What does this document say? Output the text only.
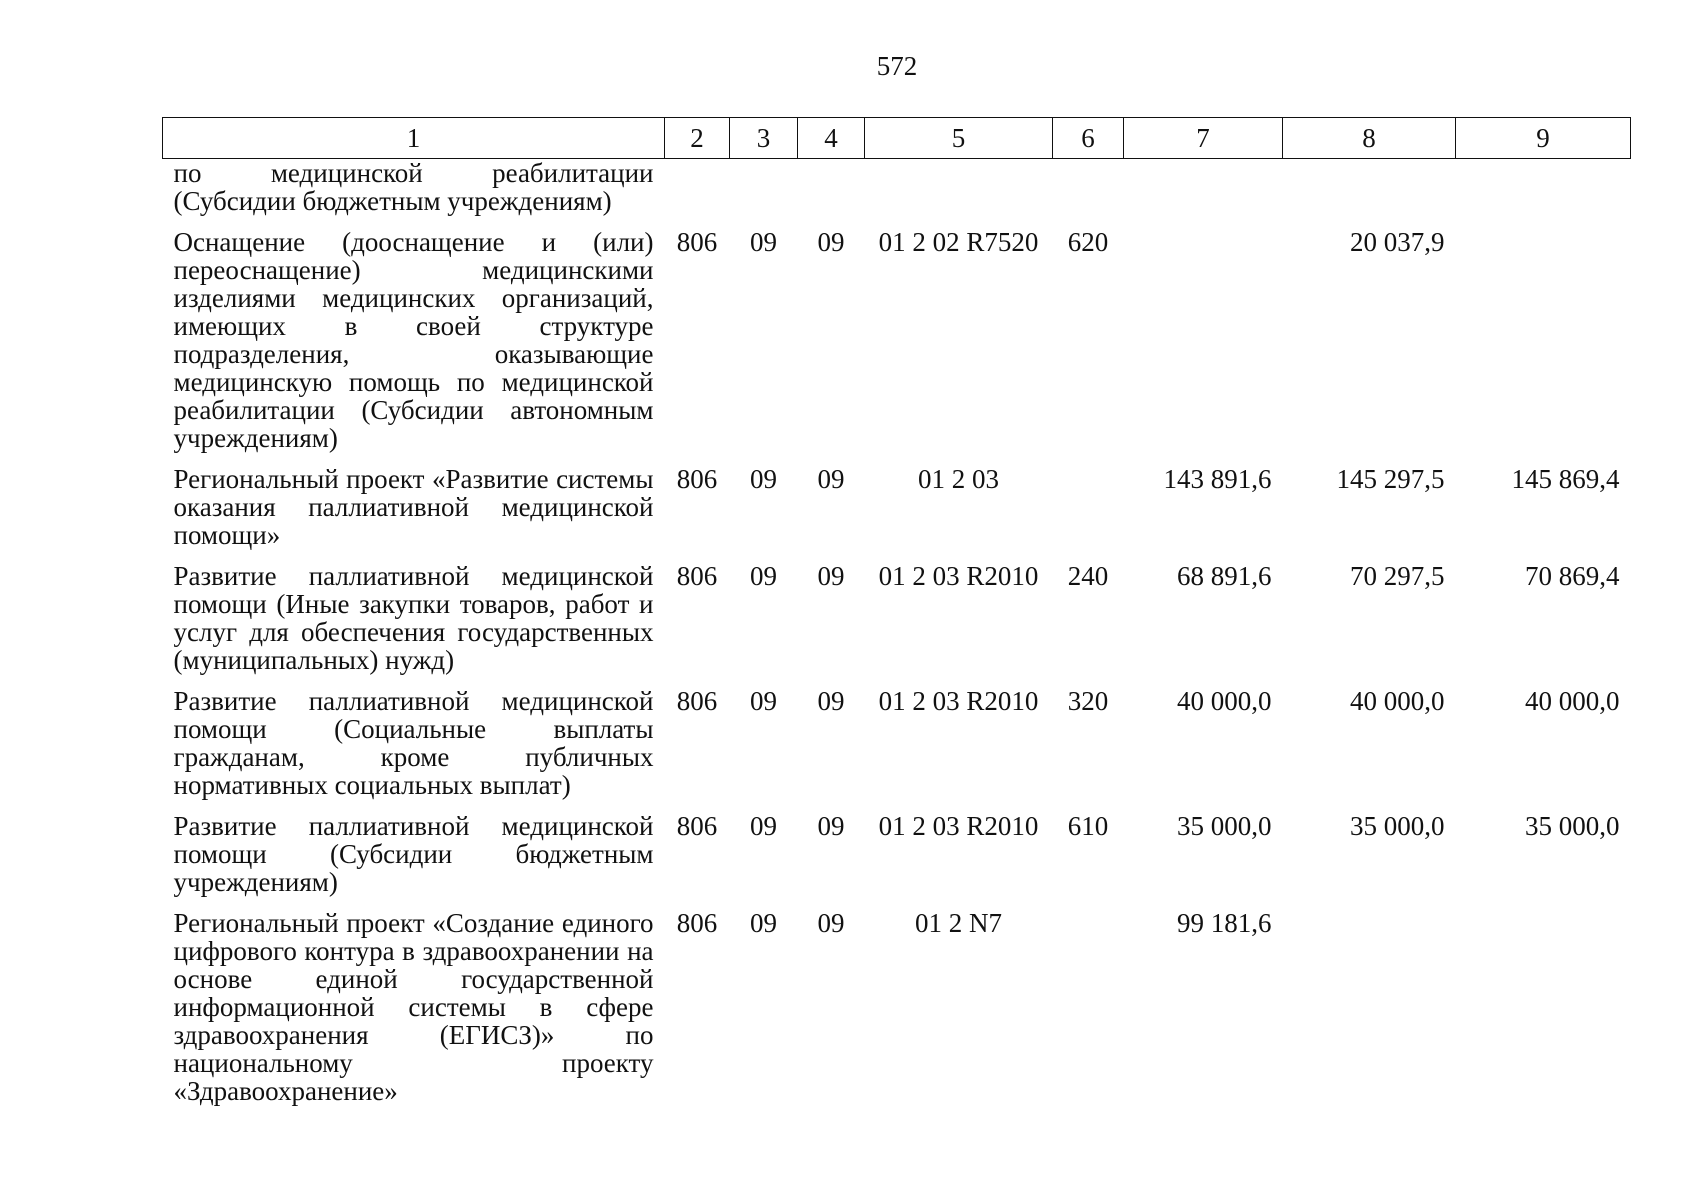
572
1	2	3	4	5	6	7	8	9
по медицинской реабилитации (Субсидии бюджетным учреждениям)								
Оснащение (дооснащение и (или) переоснащение) медицинскими изделиями медицинских организаций, имеющих в своей структуре подразделения, оказывающие медицинскую помощь по медицинской реабилитации (Субсидии автономным учреждениям)	806	09	09	01 2 02 R7520	620		20 037,9	
Региональный проект «Развитие системы оказания паллиативной медицинской помощи»	806	09	09	01 2 03		143 891,6	145 297,5	145 869,4
Развитие паллиативной медицинской помощи (Иные закупки товаров, работ и услуг для обеспечения государственных (муниципальных) нужд)	806	09	09	01 2 03 R2010	240	68 891,6	70 297,5	70 869,4
Развитие паллиативной медицинской помощи (Социальные выплаты гражданам, кроме публичных нормативных социальных выплат)	806	09	09	01 2 03 R2010	320	40 000,0	40 000,0	40 000,0
Развитие паллиативной медицинской помощи (Субсидии бюджетным учреждениям)	806	09	09	01 2 03 R2010	610	35 000,0	35 000,0	35 000,0
Региональный проект «Создание единого цифрового контура в здравоохранении на основе единой государственной информационной системы в сфере здравоохранения (ЕГИСЗ)» по национальному проекту «Здравоохранение»	806	09	09	01 2 N7		99 181,6		
